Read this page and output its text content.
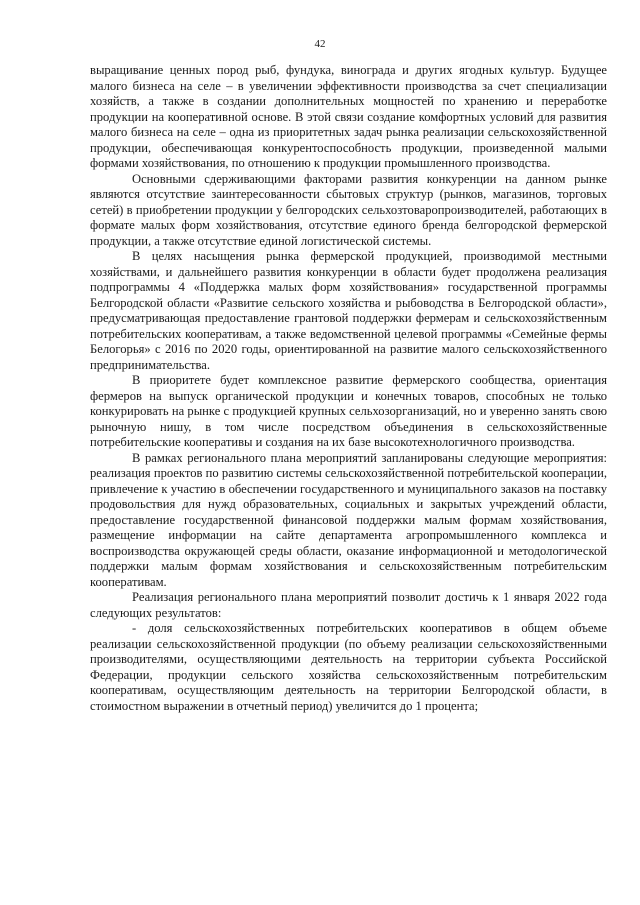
42

выращивание ценных пород рыб, фундука, винограда и других ягодных культур. Будущее малого бизнеса на селе – в увеличении эффективности производства за счет специализации хозяйств, а также в создании дополнительных мощностей по хранению и переработке продукции на кооперативной основе. В этой связи создание комфортных условий для развития малого бизнеса на селе – одна из приоритетных задач рынка реализации сельскохозяйственной продукции, обеспечивающая конкурентоспособность продукции, произведенной малыми формами хозяйствования, по отношению к продукции промышленного производства.

Основными сдерживающими факторами развития конкуренции на данном рынке являются отсутствие заинтересованности сбытовых структур (рынков, магазинов, торговых сетей) в приобретении продукции у белгородских сельхозтоваропроизводителей, работающих в формате малых форм хозяйствования, отсутствие единого бренда белгородской фермерской продукции, а также отсутствие единой логистической системы.

В целях насыщения рынка фермерской продукцией, производимой местными хозяйствами, и дальнейшего развития конкуренции в области будет продолжена реализация подпрограммы 4 «Поддержка малых форм хозяйствования» государственной программы Белгородской области «Развитие сельского хозяйства и рыбоводства в Белгородской области», предусматривающая предоставление грантовой поддержки фермерам и сельскохозяйственным потребительских кооперативам, а также ведомственной целевой программы «Семейные фермы Белогорья» с 2016 по 2020 годы, ориентированной на развитие малого сельскохозяйственного предпринимательства.

В приоритете будет комплексное развитие фермерского сообщества, ориентация фермеров на выпуск органической продукции и конечных товаров, способных не только конкурировать на рынке с продукцией крупных сельхозорганизаций, но и уверенно занять свою рыночную нишу, в том числе посредством объединения в сельскохозяйственные потребительские кооперативы и создания на их базе высокотехнологичного производства.

В рамках регионального плана мероприятий запланированы следующие мероприятия: реализация проектов по развитию системы сельскохозяйственной потребительской кооперации, привлечение к участию в обеспечении государственного и муниципального заказов на поставку продовольствия для нужд образовательных, социальных и закрытых учреждений области, предоставление государственной финансовой поддержки малым формам хозяйствования, размещение информации на сайте департамента агропромышленного комплекса и воспроизводства окружающей среды области, оказание информационной и методологической поддержки малым формам хозяйствования и сельскохозяйственным потребительским кооперативам.

Реализация регионального плана мероприятий позволит достичь к 1 января 2022 года следующих результатов:

- доля сельскохозяйственных потребительских кооперативов в общем объеме реализации сельскохозяйственной продукции (по объему реализации сельскохозяйственными производителями, осуществляющими деятельность на территории субъекта Российской Федерации, продукции сельского хозяйства сельскохозяйственным потребительским кооперативам, осуществляющим деятельность на территории Белгородской области, в стоимостном выражении в отчетный период) увеличится до 1 процента;
